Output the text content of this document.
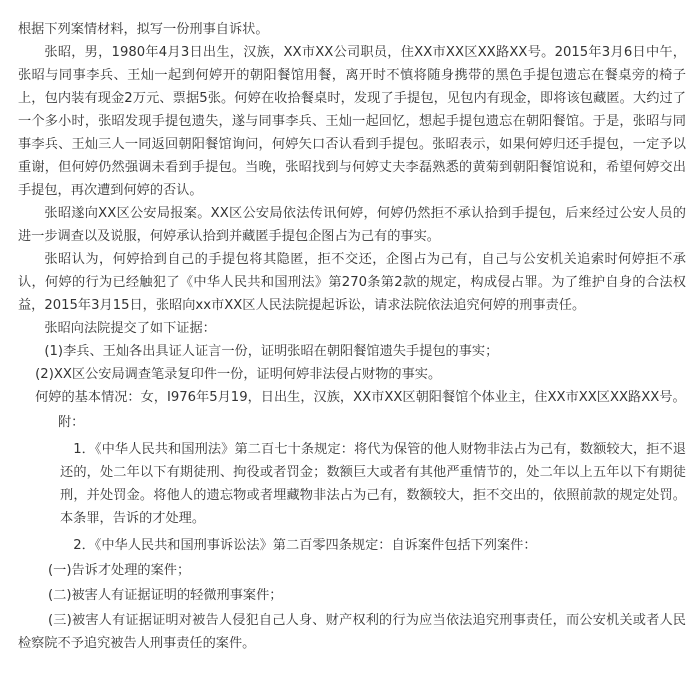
根据下列案情材料，拟写一份刑事自诉状。

张昭，男，1980年4月3日出生，汉族，XX市XX公司职员，住XX市XX区XX路XX号。2015年3月6日中午，张昭与同事李兵、王灿一起到何婷开的朝阳餐馆用餐，离开时不慎将随身携带的黑色手提包遗忘在餐桌旁的椅子上，包内装有现金2万元、票据5张。何婷在收拾餐桌时，发现了手提包，见包内有现金，即将该包藏匿。大约过了一个多小时，张昭发现手提包遗失，遂与同事李兵、王灿一起回忆，想起手提包遗忘在朝阳餐馆。于是，张昭与同事李兵、王灿三人一同返回朝阳餐馆询问，何婷矢口否认看到手提包。张昭表示，如果何婷归还手提包，一定予以重谢，但何婷仍然强调未看到手提包。当晚，张昭找到与何婷丈夫李磊熟悉的黄菊到朝阳餐馆说和，希望何婷交出手提包，再次遭到何婷的否认。

张昭遂向XX区公安局报案。XX区公安局依法传讯何婷，何婷仍然拒不承认拾到手提包，后来经过公安人员的进一步调查以及说服，何婷承认拾到并藏匿手提包企图占为己有的事实。

张昭认为，何婷拾到自己的手提包将其隐匿，拒不交还，企图占为己有，自己与公安机关追索时何婷拒不承认，何婷的行为已经触犯了《中华人民共和国刑法》第270条第2款的规定，构成侵占罪。为了维护自身的合法权益，2015年3月15日，张昭向xx市XX区人民法院提起诉讼，请求法院依法追究何婷的刑事责任。

张昭向法院提交了如下证据：

(1)李兵、王灿各出具证人证言一份，证明张昭在朝阳餐馆遗失手提包的事实；

(2)XX区公安局调查笔录复印件一份，证明何婷非法侵占财物的事实。

何婷的基本情况：女，I976年5月19，日出生，汉族，XX市XX区朝阳餐馆个体业主，住XX市XX区XX路XX号。

附：

1．《中华人民共和国刑法》第二百七十条规定：将代为保管的他人财物非法占为己有，数额较大，拒不退还的，处二年以下有期徒刑、拘役或者罚金；数额巨大或者有其他严重情节的，处二年以上五年以下有期徒刑，并处罚金。将他人的遗忘物或者埋藏物非法占为己有，数额较大，拒不交出的，依照前款的规定处罚。本条罪，告诉的才处理。

2．《中华人民共和国刑事诉讼法》第二百零四条规定：自诉案件包括下列案件：

(一)告诉才处理的案件；

(二)被害人有证据证明的轻微刑事案件；

(三)被害人有证据证明对被告人侵犯自己人身、财产权利的行为应当依法追究刑事责任，而公安机关或者人民检察院不予追究被告人刑事责任的案件。
